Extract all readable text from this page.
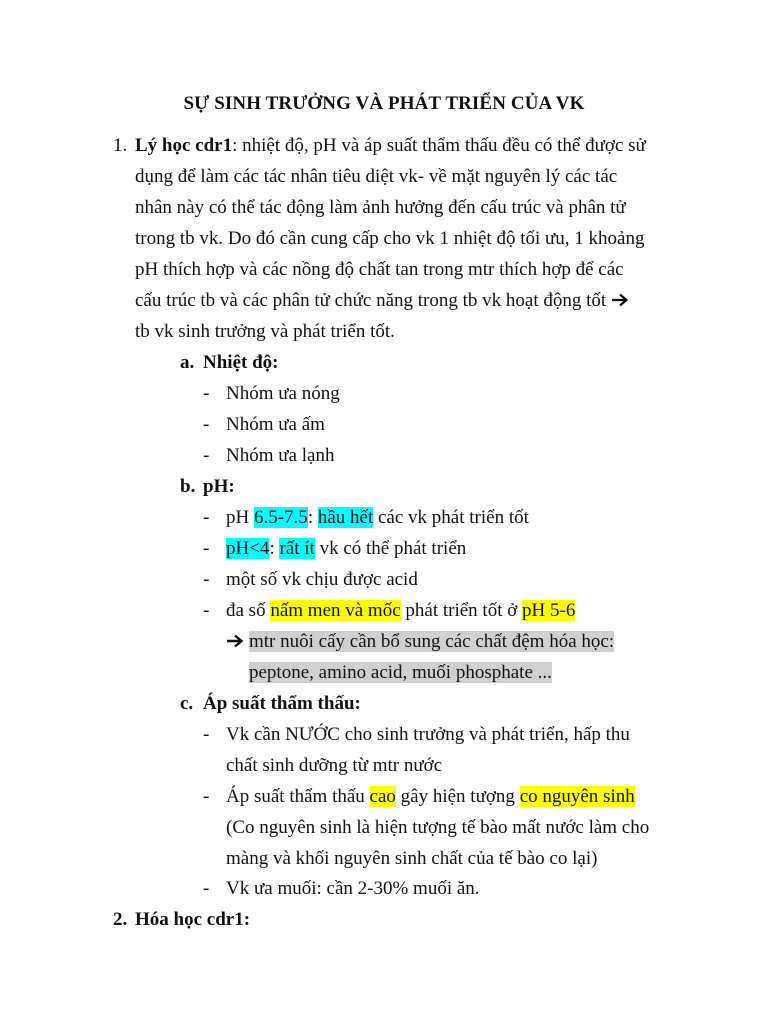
SỰ SINH TRƯỞNG VÀ PHÁT TRIỂN CỦA VK
1. Lý học cdr1: nhiệt độ, pH và áp suất thẩm thấu đều có thể được sử
dụng để làm các tác nhân tiêu diệt vk- về mặt nguyên lý các tác
nhân này có thể tác động làm ảnh hưởng đến cấu trúc và phân tử
trong tb vk. Do đó cần cung cấp cho vk 1 nhiệt độ tối ưu, 1 khoảng
pH thích hợp và các nồng độ chất tan trong mtr thích hợp để các
cấu trúc tb và các phân tử chức năng trong tb vk hoạt động tốt
tb vk sinh trưởng và phát triển tốt.
a. Nhiệt độ:
- Nhóm ưa nóng
- Nhóm ưa ấm
- Nhóm ưa lạnh
b. pH:
- pH 6.5-7.5: hầu hết các vk phát triển tốt
- pH<4: rất ít vk có thể phát triển
- một số vk chịu được acid
- đa số nấm men và mốc phát triển tốt ở pH 5-6
mtr nuôi cấy cần bổ sung các chất đệm hóa học:
peptone, amino acid, muối phosphate ...
c. Áp suất thẩm thấu:
- Vk cần NƯỚC cho sinh trưởng và phát triển, hấp thu
chất sinh dưỡng từ mtr nước
- Áp suất thẩm thấu cao gây hiện tượng co nguyên sinh
(Co nguyên sinh là hiện tượng tế bào mất nước làm cho
màng và khối nguyên sinh chất của tế bào co lại)
- Vk ưa muối: cần 2-30% muối ăn.
2. Hóa học cdr1:
